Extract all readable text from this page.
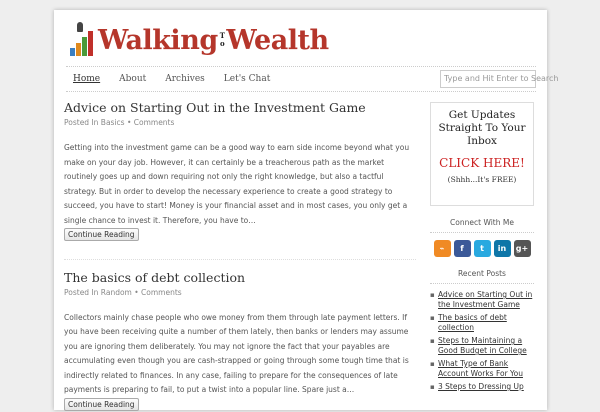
Walking T
o Wealth
Home	About	Archives	Let's Chat	Type and Hit Enter to Search
Advice on Starting Out in the Investment Game
Posted In Basics • Comments

Getting into the investment game can be a good way to earn side income beyond what you make on your day job. However, it can certainly be a treacherous path as the market routinely goes up and down requiring not only the right knowledge, but also a tactful strategy. But in order to develop the necessary experience to create a good strategy to succeed, you have to start! Money is your financial asset and in most cases, you only get a single chance to invest it. Therefore, you have to…
Continue Reading

The basics of debt collection
Posted In Random • Comments

Collectors mainly chase people who owe money from them through late payment letters. If you have been receiving quite a number of them lately, then banks or lenders may assume you are ignoring them deliberately. You may not ignore the fact that your payables are accumulating even though you are cash-strapped or going through some tough time that is indirectly related to finances. In any case, failing to prepare for the consequences of late payments is preparing to fail, to put a twist into a popular line. Spare just a… Continue Reading

Get Updates Straight To Your Inbox
CLICK HERE!
(Shhh...It's FREE)
Connect With Me
⌁	f	t	in	g+
Recent Posts
▪ Advice on Starting Out in the Investment Game
▪ The basics of debt collection
▪ Steps to Maintaining a Good Budget in College
▪ What Type of Bank Account Works For You
▪ 3 Steps to Dressing Up
